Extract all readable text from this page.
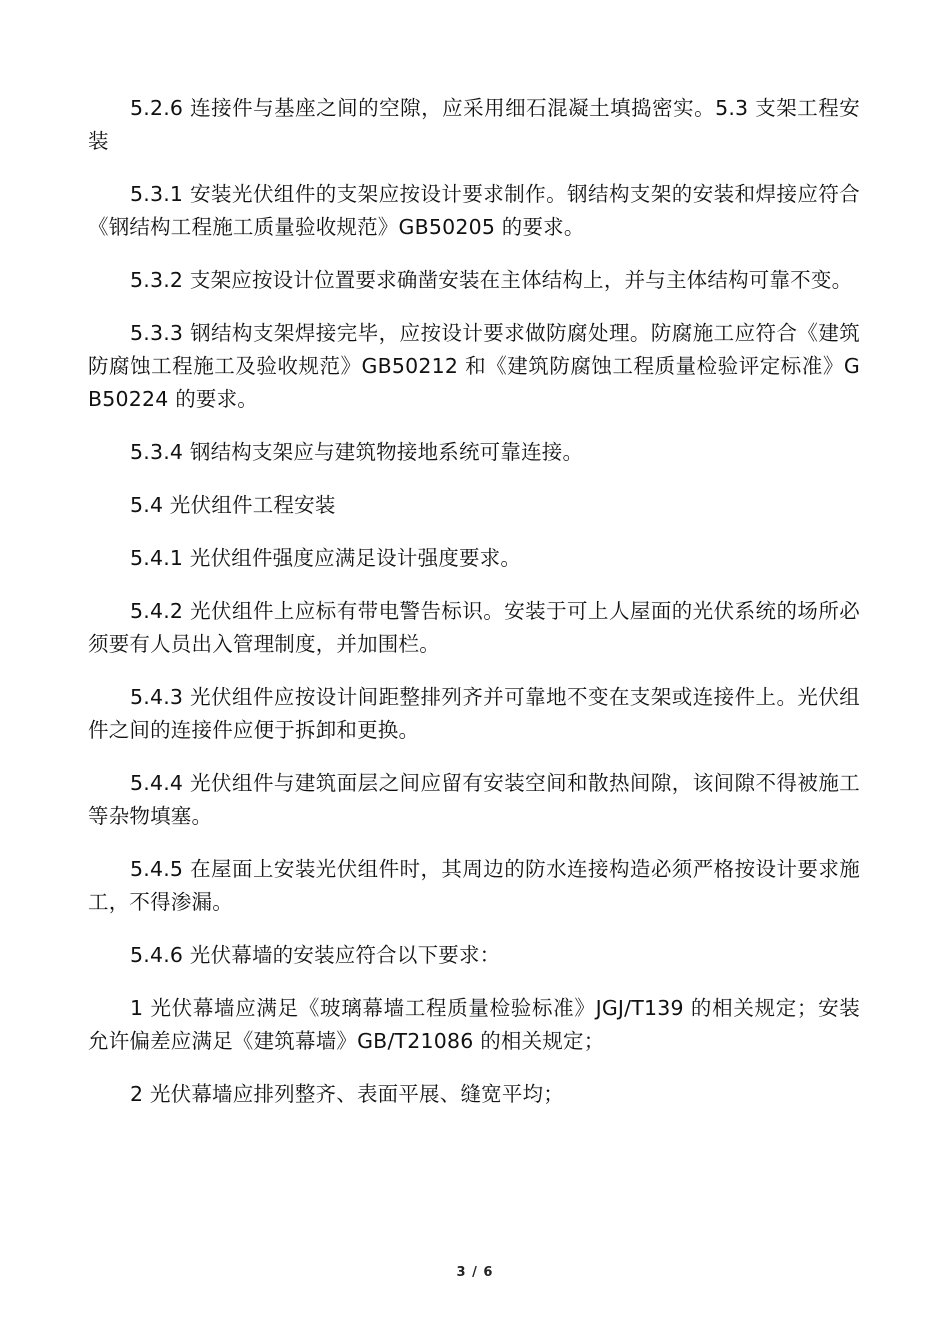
5.2.6 连接件与基座之间的空隙，应采用细石混凝土填捣密实。5.3 支架工程安装

5.3.1 安装光伏组件的支架应按设计要求制作。钢结构支架的安装和焊接应符合《钢结构工程施工质量验收规范》GB50205 的要求。

5.3.2 支架应按设计位置要求确凿安装在主体结构上，并与主体结构可靠不变。

5.3.3 钢结构支架焊接完毕，应按设计要求做防腐处理。防腐施工应符合《建筑防腐蚀工程施工及验收规范》GB50212 和《建筑防腐蚀工程质量检验评定标准》GB50224 的要求。

5.3.4 钢结构支架应与建筑物接地系统可靠连接。

5.4 光伏组件工程安装

5.4.1 光伏组件强度应满足设计强度要求。

5.4.2 光伏组件上应标有带电警告标识。安装于可上人屋面的光伏系统的场所必须要有人员出入管理制度，并加围栏。

5.4.3 光伏组件应按设计间距整排列齐并可靠地不变在支架或连接件上。光伏组件之间的连接件应便于拆卸和更换。

5.4.4 光伏组件与建筑面层之间应留有安装空间和散热间隙，该间隙不得被施工等杂物填塞。

5.4.5 在屋面上安装光伏组件时，其周边的防水连接构造必须严格按设计要求施工，不得渗漏。

5.4.6 光伏幕墙的安装应符合以下要求：

1 光伏幕墙应满足《玻璃幕墙工程质量检验标准》JGJ/T139 的相关规定；安装允许偏差应满足《建筑幕墙》GB/T21086 的相关规定；

2 光伏幕墙应排列整齐、表面平展、缝宽平均；

3 / 6
